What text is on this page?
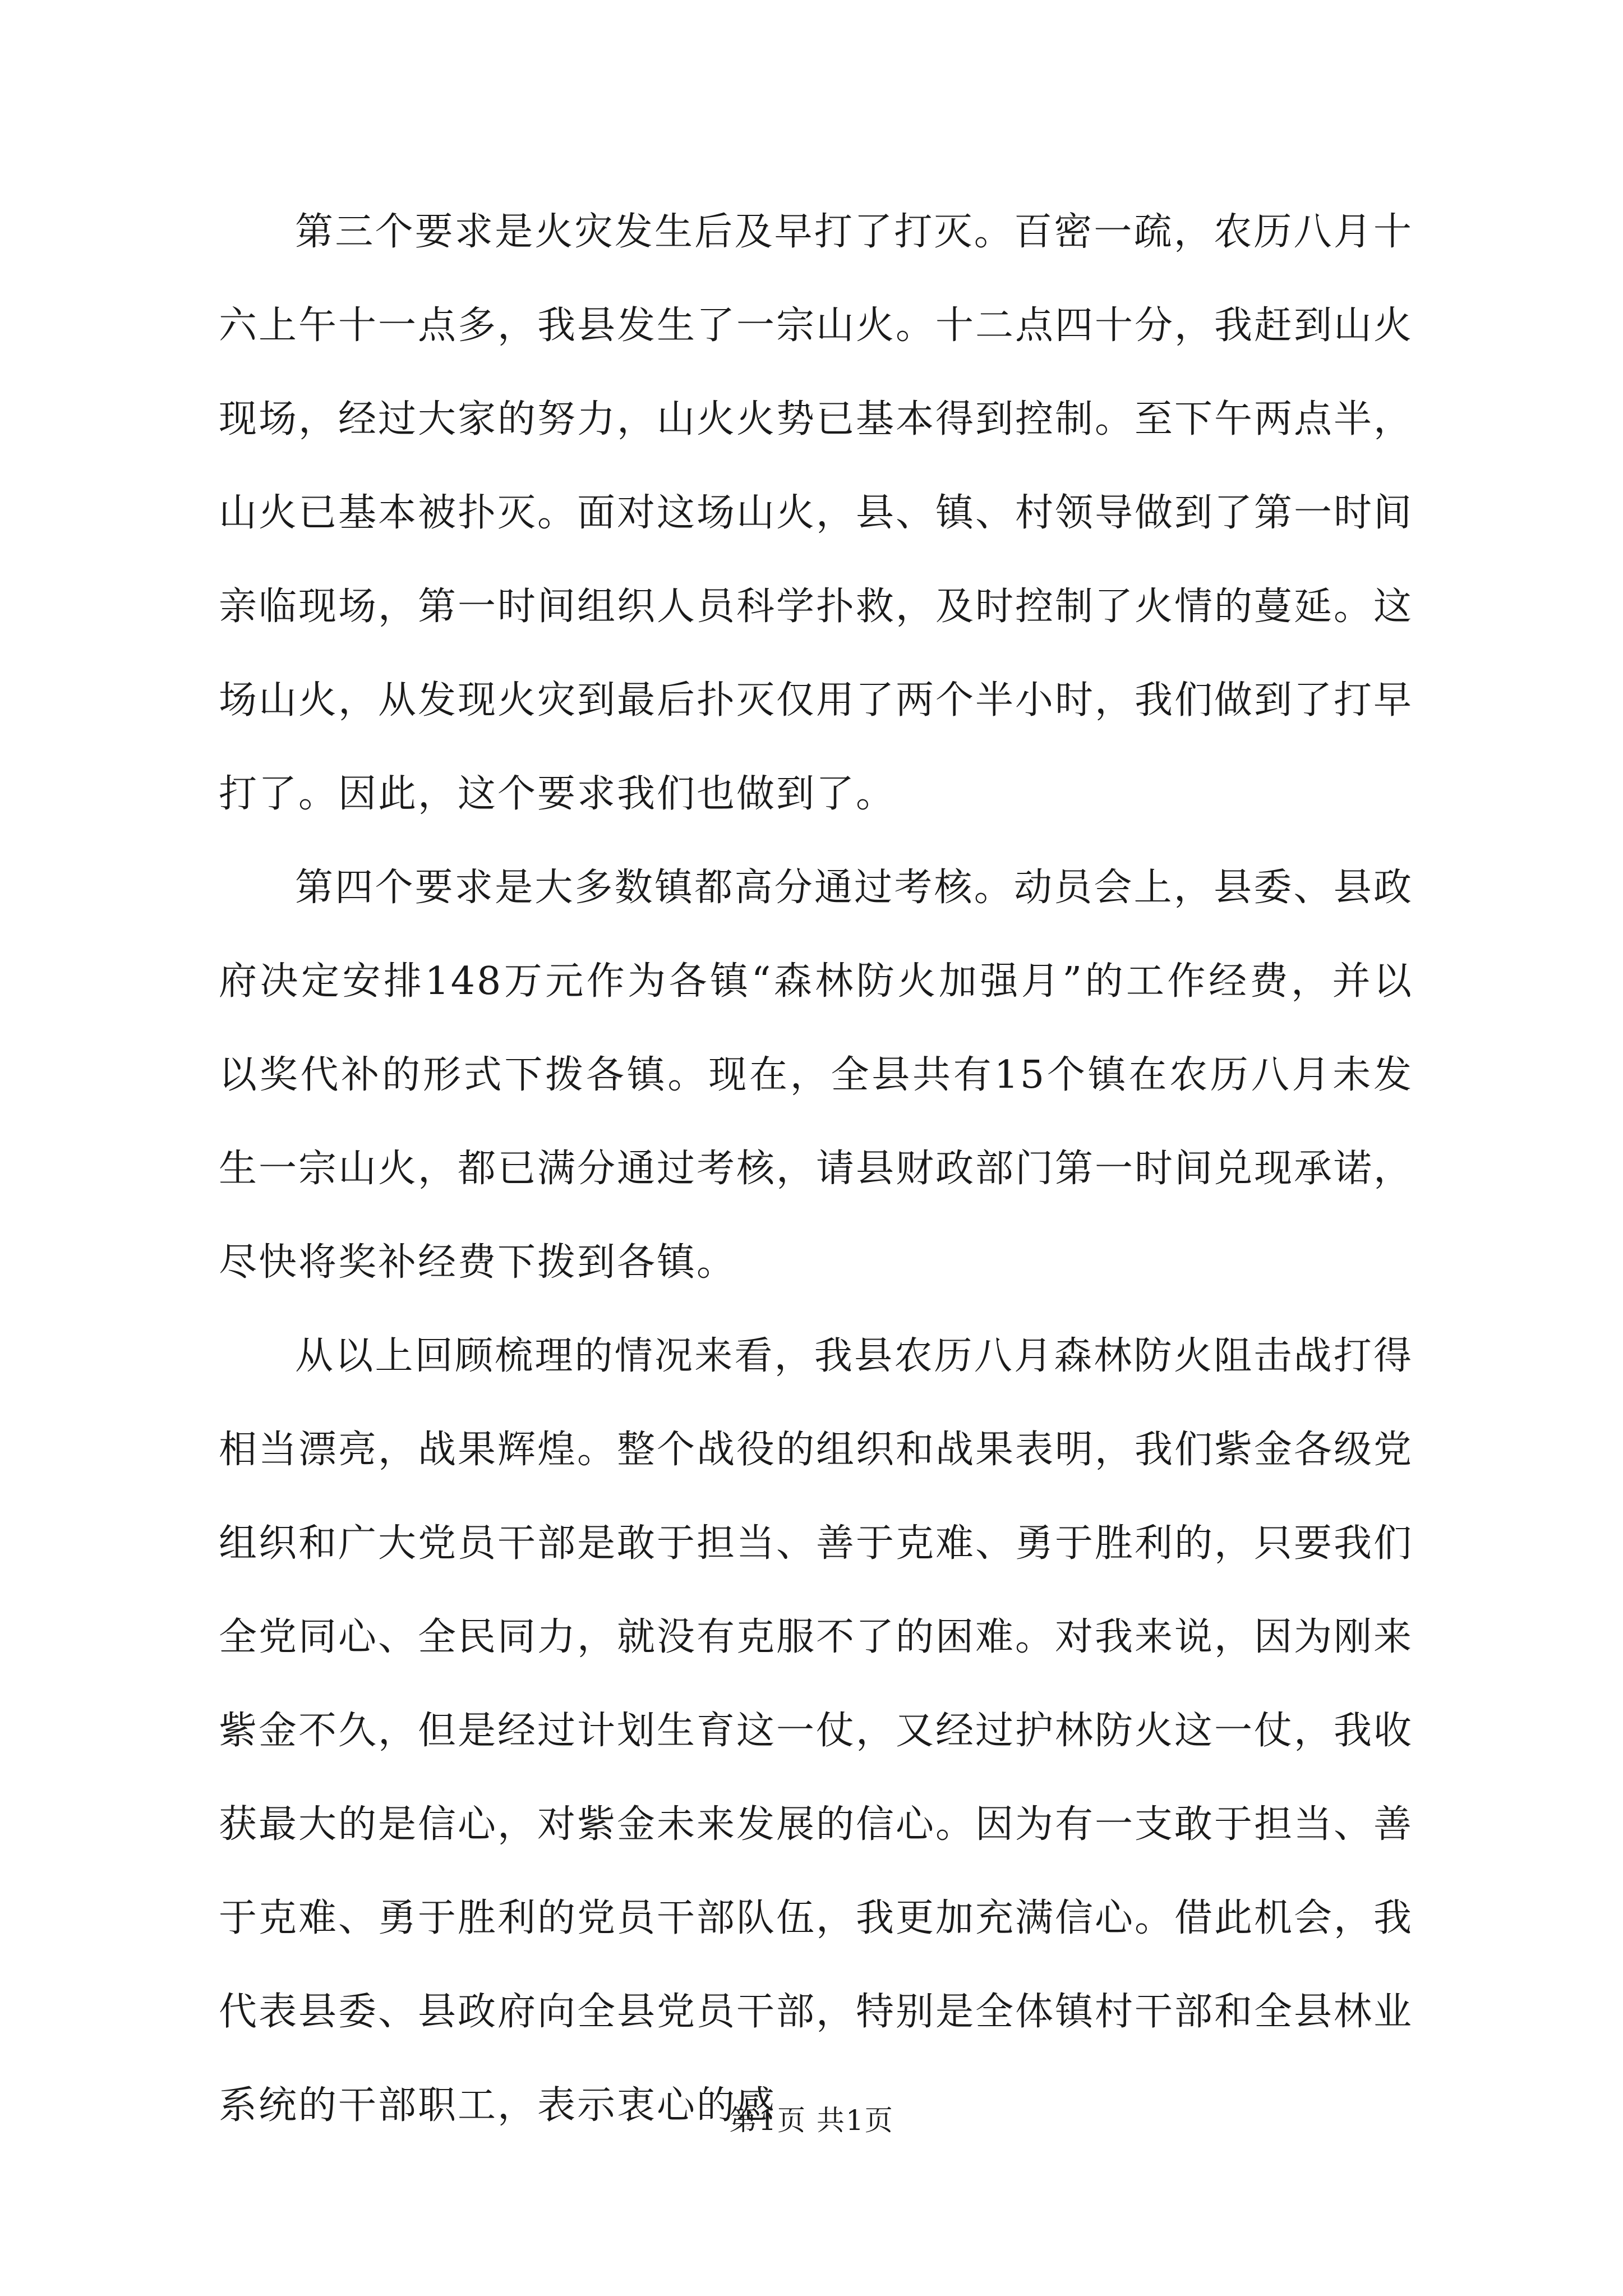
第三个要求是火灾发生后及早打了打灭。百密一疏，农历八月十六上午十一点多，我县发生了一宗山火。十二点四十分，我赶到山火现场，经过大家的努力，山火火势已基本得到控制。至下午两点半，山火已基本被扑灭。面对这场山火，县、镇、村领导做到了第一时间亲临现场，第一时间组织人员科学扑救，及时控制了火情的蔓延。这场山火，从发现火灾到最后扑灭仅用了两个半小时，我们做到了打早打了。因此，这个要求我们也做到了。

第四个要求是大多数镇都高分通过考核。动员会上，县委、县政府决定安排148万元作为各镇“森林防火加强月”的工作经费，并以以奖代补的形式下拨各镇。现在，全县共有15个镇在农历八月未发生一宗山火，都已满分通过考核，请县财政部门第一时间兑现承诺，尽快将奖补经费下拨到各镇。

从以上回顾梳理的情况来看，我县农历八月森林防火阻击战打得相当漂亮，战果辉煌。整个战役的组织和战果表明，我们紫金各级党组织和广大党员干部是敢于担当、善于克难、勇于胜利的，只要我们全党同心、全民同力，就没有克服不了的困难。对我来说，因为刚来紫金不久，但是经过计划生育这一仗，又经过护林防火这一仗，我收获最大的是信心，对紫金未来发展的信心。因为有一支敢于担当、善于克难、勇于胜利的党员干部队伍，我更加充满信心。借此机会，我代表县委、县政府向全县党员干部，特别是全体镇村干部和全县林业系统的干部职工，表示衷心的感

第1页 共1页
